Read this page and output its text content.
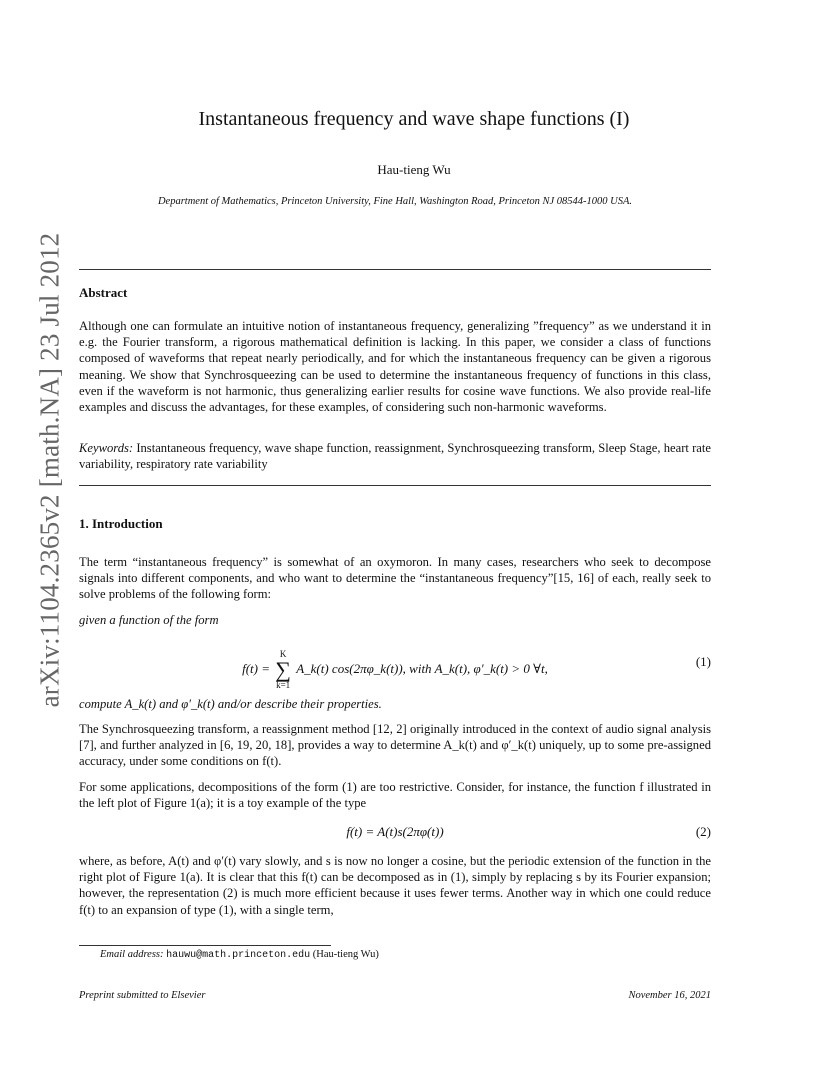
arXiv:1104.2365v2 [math.NA] 23 Jul 2012
Instantaneous frequency and wave shape functions (I)
Hau-tieng Wu
Department of Mathematics, Princeton University, Fine Hall, Washington Road, Princeton NJ 08544-1000 USA.
Abstract
Although one can formulate an intuitive notion of instantaneous frequency, generalizing ”frequency” as we understand it in e.g. the Fourier transform, a rigorous mathematical definition is lacking. In this paper, we consider a class of functions composed of waveforms that repeat nearly periodically, and for which the instantaneous frequency can be given a rigorous meaning. We show that Synchrosqueezing can be used to determine the instantaneous frequency of functions in this class, even if the waveform is not harmonic, thus generalizing earlier results for cosine wave functions. We also provide real-life examples and discuss the advantages, for these examples, of considering such non-harmonic waveforms.
Keywords: Instantaneous frequency, wave shape function, reassignment, Synchrosqueezing transform, Sleep Stage, heart rate variability, respiratory rate variability
1. Introduction
The term “instantaneous frequency” is somewhat of an oxymoron. In many cases, researchers who seek to decompose signals into different components, and who want to determine the “instantaneous frequency”[15, 16] of each, really seek to solve problems of the following form:
given a function of the form
f(t) =
K
∑
k=1
A_k(t) cos(2πφ_k(t)), with A_k(t), φ′_k(t) > 0 ∀t,	(1)
compute A_k(t) and φ′_k(t) and/or describe their properties.
The Synchrosqueezing transform, a reassignment method [12, 2] originally introduced in the context of audio signal analysis [7], and further analyzed in [6, 19, 20, 18], provides a way to determine A_k(t) and φ′_k(t) uniquely, up to some pre-assigned accuracy, under some conditions on f(t).
For some applications, decompositions of the form (1) are too restrictive. Consider, for instance, the function f illustrated in the left plot of Figure 1(a); it is a toy example of the type
f(t) = A(t)s(2πφ(t))	(2)
where, as before, A(t) and φ′(t) vary slowly, and s is now no longer a cosine, but the periodic extension of the function in the right plot of Figure 1(a). It is clear that this f(t) can be decomposed as in (1), simply by replacing s by its Fourier expansion; however, the representation (2) is much more efficient because it uses fewer terms. Another way in which one could reduce f(t) to an expansion of type (1), with a single term,
Email address: hauwu@math.princeton.edu (Hau-tieng Wu)
Preprint submitted to Elsevier	November 16, 2021
